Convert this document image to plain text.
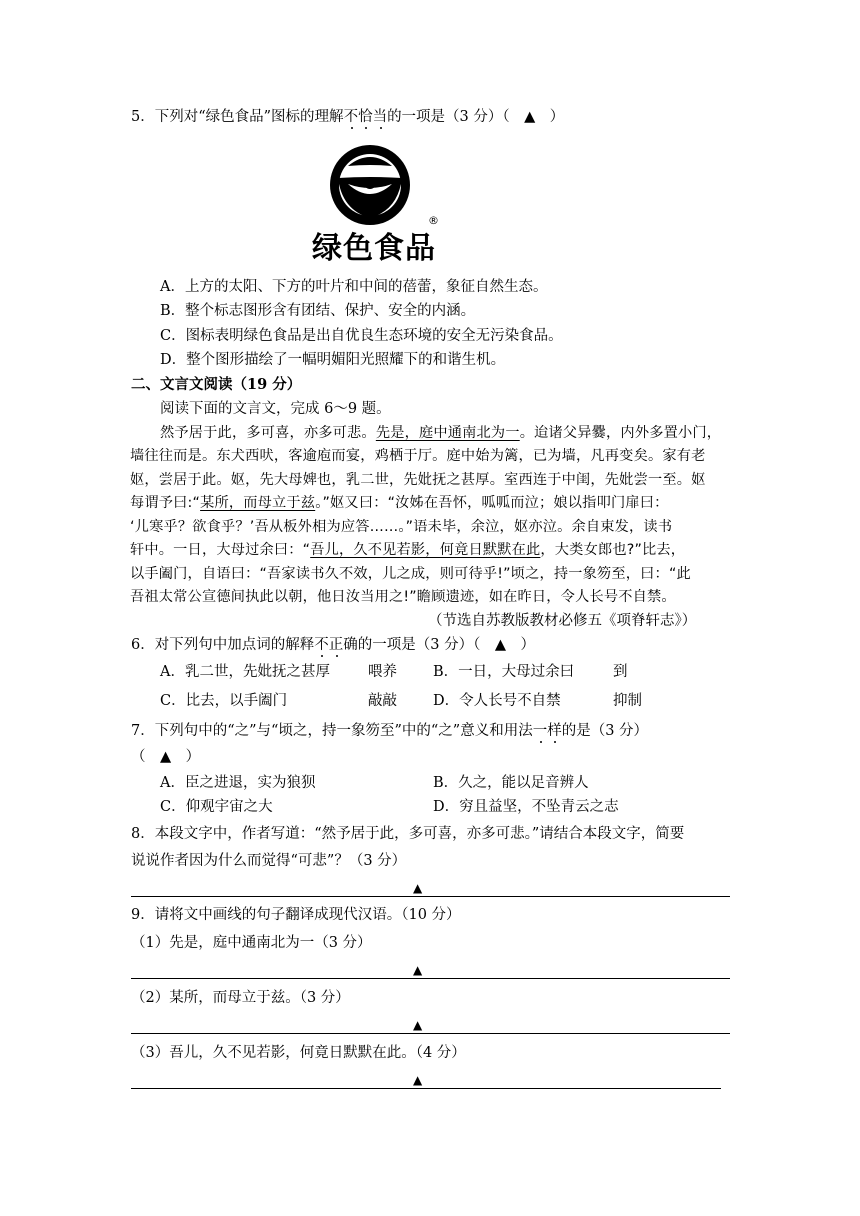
5．下列对“绿色食品”图标的理解不恰当的一项是（3 分）（　▲　）
®
绿色食品
A．上方的太阳、下方的叶片和中间的蓓蕾，象征自然生态。
B．整个标志图形含有团结、保护、安全的内涵。
C．图标表明绿色食品是出自优良生态环境的安全无污染食品。
D．整个图形描绘了一幅明媚阳光照耀下的和谐生机。
二、文言文阅读（19 分）
阅读下面的文言文，完成 6～9 题。
然予居于此，多可喜，亦多可悲。先是，庭中通南北为一。迨诸父异爨，内外多置小门，
墙往往而是。东犬西吠，客逾庖而宴，鸡栖于厅。庭中始为篱，已为墙，凡再变矣。家有老
妪，尝居于此。妪，先大母婢也，乳二世，先妣抚之甚厚。室西连于中闺，先妣尝一至。妪
每谓予曰:“某所，而母立于兹。”妪又曰：“汝姊在吾怀，呱呱而泣；娘以指叩门扉曰：
‘儿寒乎？欲食乎？’吾从板外相为应答……。”语未毕，余泣，妪亦泣。余自束发，读书
轩中。一日，大母过余曰：“吾儿，久不见若影，何竟日默默在此，大类女郎也?”比去，
以手阖门，自语曰：“吾家读书久不效，儿之成，则可待乎!”顷之，持一象笏至，曰：“此
吾祖太常公宣德间执此以朝，他日汝当用之!”瞻顾遗迹，如在昨日，令人长号不自禁。
（节选自苏教版教材必修五《项脊轩志》）
6．对下列句中加点词的解释不正确的一项是（3 分）（　▲　）
A．乳二世，先妣抚之甚厚	喂养 B．一日，大母过余曰	到
C．比去，以手阖门	敲敲 D．令人长号不自禁	抑制
7．下列句中的“之”与“顷之，持一象笏至”中的“之”意义和用法一样的是（3 分）
（　▲　）
A．臣之进退，实为狼狈	B．久之，能以足音辨人
C．仰观宇宙之大	D．穷且益坚，不坠青云之志
8．本段文字中，作者写道：“然予居于此，多可喜，亦多可悲。”请结合本段文字，简要
说说作者因为什么而觉得“可悲”？（3 分）
▲
9．请将文中画线的句子翻译成现代汉语。（10 分）
（1）先是，庭中通南北为一（3 分）
▲
（2）某所，而母立于兹。（3 分）
▲
（3）吾儿，久不见若影，何竟日默默在此。（4 分）
▲
